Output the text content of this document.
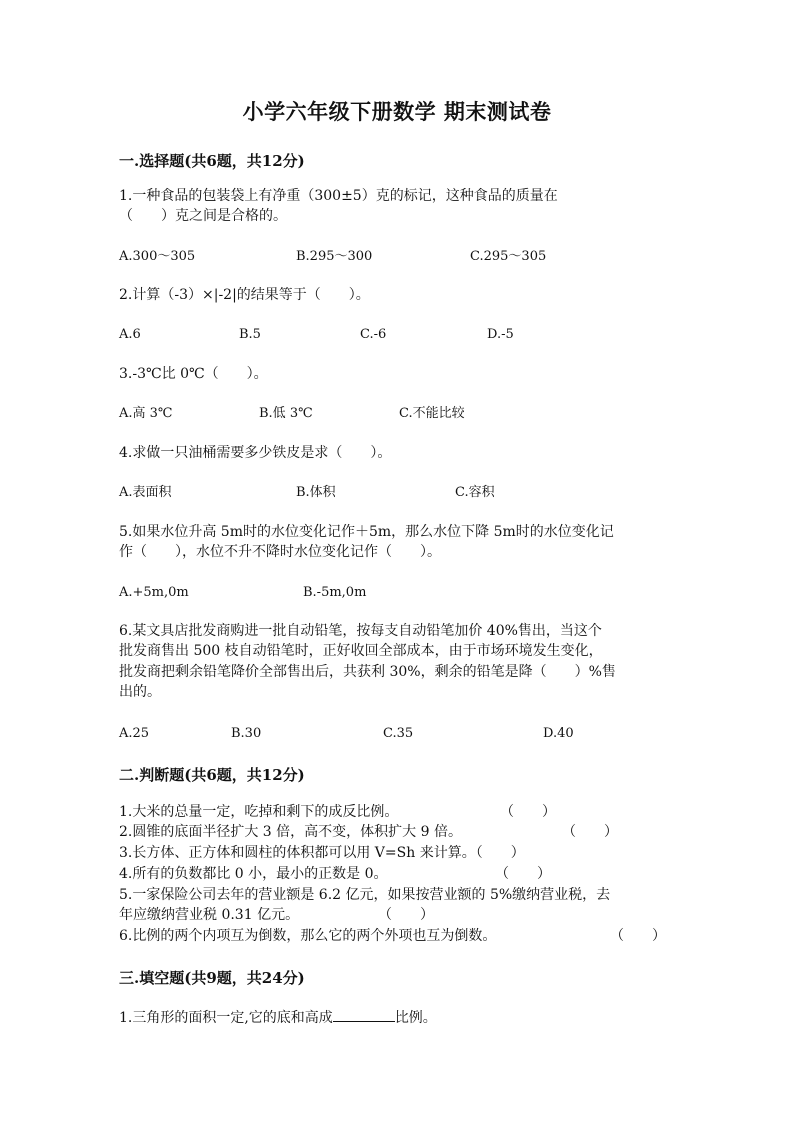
小学六年级下册数学 期末测试卷
一.选择题(共6题，共12分)
1.一种食品的包装袋上有净重（300±5）克的标记，这种食品的质量在
（　　）克之间是合格的。
A.300～305	B.295～300	C.295～305
2.计算（-3）×|-2|的结果等于（　　）。
A.6	B.5	C.-6	D.-5
3.-3℃比 0℃（　　）。
A.高 3℃	B.低 3℃	C.不能比较
4.求做一只油桶需要多少铁皮是求（　　）。
A.表面积	B.体积	C.容积
5.如果水位升高 5m时的水位变化记作＋5m，那么水位下降 5m时的水位变化记
作（　　），水位不升不降时水位变化记作（　　）。
A.+5m,0m	B.-5m,0m
6.某文具店批发商购进一批自动铅笔，按每支自动铅笔加价 40%售出，当这个
批发商售出 500 枝自动铅笔时，正好收回全部成本，由于市场环境发生变化，
批发商把剩余铅笔降价全部售出后，共获利 30%，剩余的铅笔是降（　　）%售
出的。
A.25	B.30	C.35	D.40
二.判断题(共6题，共12分)
1.大米的总量一定，吃掉和剩下的成反比例。	（　　）
2.圆锥的底面半径扩大 3 倍，高不变，体积扩大 9 倍。	（　　）
3.长方体、正方体和圆柱的体积都可以用 V=Sh 来计算。（　　）
4.所有的负数都比 0 小，最小的正数是 0。	（　　）
5.一家保险公司去年的营业额是 6.2 亿元，如果按营业额的 5%缴纳营业税，去
年应缴纳营业税 0.31 亿元。	（　　）
6.比例的两个内项互为倒数，那么它的两个外项也互为倒数。	（　　）
三.填空题(共9题，共24分)
1.三角形的面积一定,它的底和高成	比例。
